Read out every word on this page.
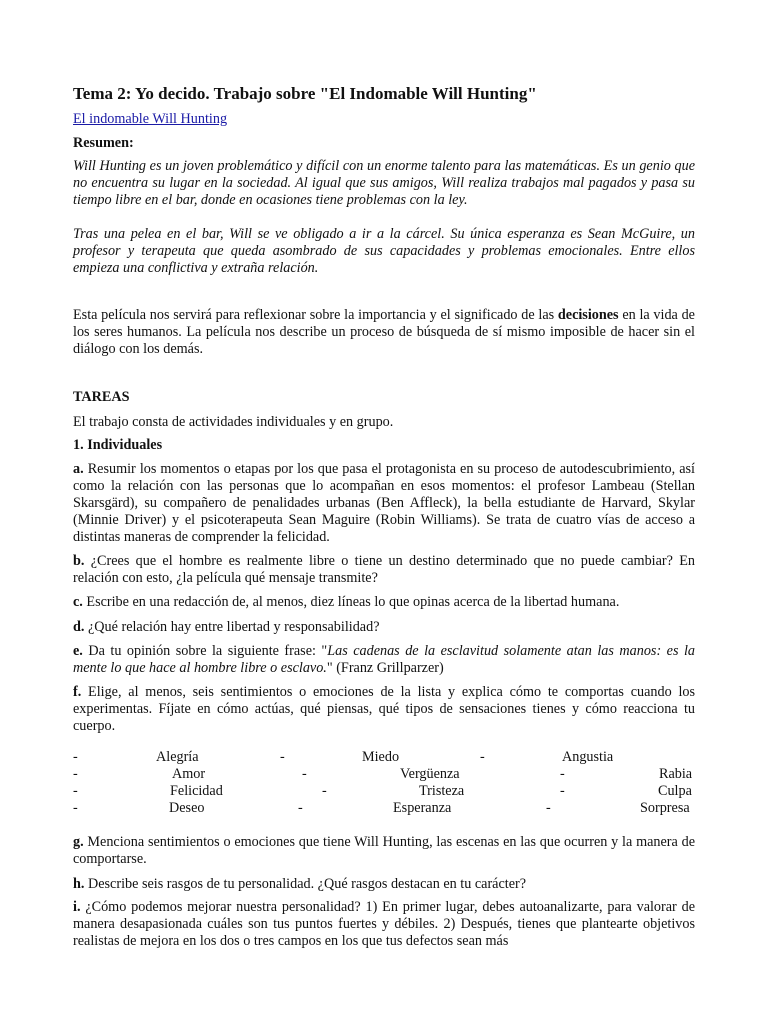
Tema 2: Yo decido. Trabajo sobre "El Indomable Will Hunting"

El indomable Will Hunting

Resumen:

Will Hunting es un joven problemático y difícil con un enorme talento para las matemáticas. Es un genio que no encuentra su lugar en la sociedad. Al igual que sus amigos, Will realiza trabajos mal pagados y pasa su tiempo libre en el bar, donde en ocasiones tiene problemas con la ley.

Tras una pelea en el bar, Will se ve obligado a ir a la cárcel. Su única esperanza es Sean McGuire, un profesor y terapeuta que queda asombrado de sus capacidades y problemas emocionales. Entre ellos empieza una conflictiva y extraña relación.

Esta película nos servirá para reflexionar sobre la importancia y el significado de las decisiones en la vida de los seres humanos. La película nos describe un proceso de búsqueda de sí mismo imposible de hacer sin el diálogo con los demás.

TAREAS

El trabajo consta de actividades individuales y en grupo.

1. Individuales

a. Resumir los momentos o etapas por los que pasa el protagonista en su proceso de autodescubrimiento, así como la relación con las personas que lo acompañan en esos momentos: el profesor Lambeau (Stellan Skarsgärd), su compañero de penalidades urbanas (Ben Affleck), la bella estudiante de Harvard, Skylar (Minnie Driver) y el psicoterapeuta Sean Maguire (Robin Williams). Se trata de cuatro vías de acceso a distintas maneras de comprender la felicidad.

b. ¿Crees que el hombre es realmente libre o tiene un destino determinado que no puede cambiar? En relación con esto, ¿la película qué mensaje transmite?

c. Escribe en una redacción de, al menos, diez líneas lo que opinas acerca de la libertad humana.

d. ¿Qué relación hay entre libertad y responsabilidad?

e. Da tu opinión sobre la siguiente frase: "Las cadenas de la esclavitud solamente atan las manos: es la mente lo que hace al hombre libre o esclavo." (Franz Grillparzer)

f. Elige, al menos, seis sentimientos o emociones de la lista y explica cómo te comportas cuando los experimentas. Fíjate en cómo actúas, qué piensas, qué tipos de sensaciones tienes y cómo reacciona tu cuerpo.

-	Alegría	-	Miedo	-	Angustia
-	Amor	-	Vergüenza	-	Rabia
-	Felicidad	-	Tristeza	-	Culpa
-	Deseo	-	Esperanza	-	Sorpresa

g. Menciona sentimientos o emociones que tiene Will Hunting, las escenas en las que ocurren y la manera de comportarse.

h. Describe seis rasgos de tu personalidad. ¿Qué rasgos destacan en tu carácter?

i. ¿Cómo podemos mejorar nuestra personalidad? 1) En primer lugar, debes autoanalizarte, para valorar de manera desapasionada cuáles son tus puntos fuertes y débiles. 2) Después, tienes que plantearte objetivos realistas de mejora en los dos o tres campos en los que tus defectos sean más
